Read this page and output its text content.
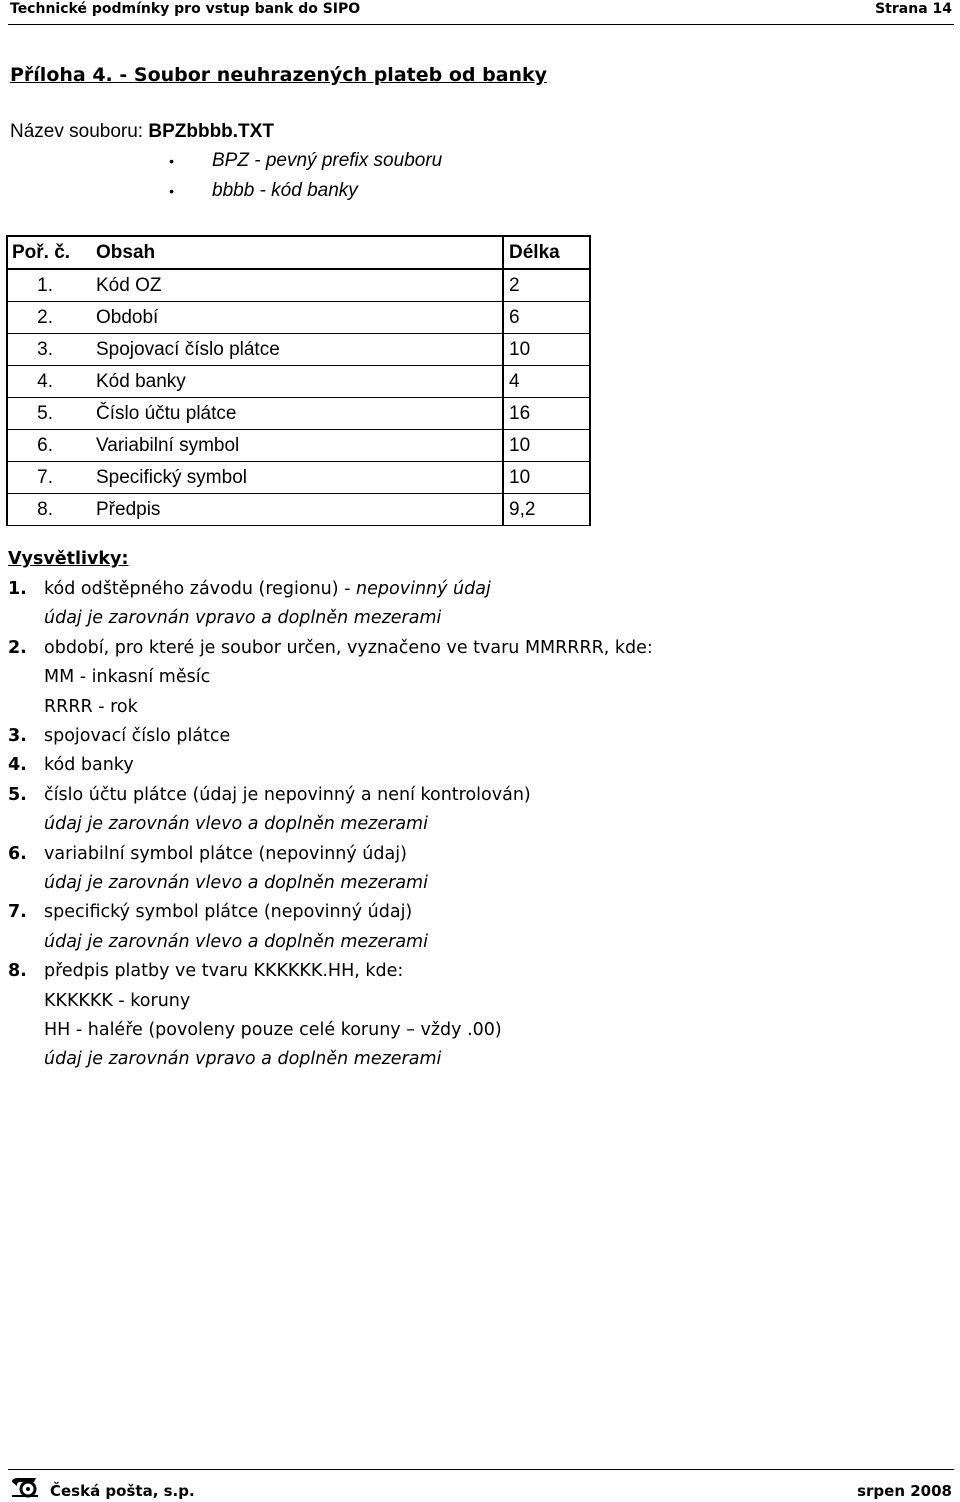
Technické podmínky pro vstup bank do SIPO	Strana 14
Příloha 4. - Soubor neuhrazených plateb od banky
Název souboru: BPZbbbb.TXT
• BPZ - pevný prefix souboru
• bbbb - kód banky
Poř. č.	Obsah	Délka
1.	Kód OZ	2
2.	Období	6
3.	Spojovací číslo plátce	10
4.	Kód banky	4
5.	Číslo účtu plátce	16
6.	Variabilní symbol	10
7.	Specifický symbol	10
8.	Předpis	9,2
Vysvětlivky:
1. kód odštěpného závodu (regionu) - nepovinný údaj
údaj je zarovnán vpravo a doplněn mezerami
2. období, pro které je soubor určen, vyznačeno ve tvaru MMRRRR, kde:
MM - inkasní měsíc
RRRR - rok
3. spojovací číslo plátce
4. kód banky
5. číslo účtu plátce (údaj je nepovinný a není kontrolován)
údaj je zarovnán vlevo a doplněn mezerami
6. variabilní symbol plátce (nepovinný údaj)
údaj je zarovnán vlevo a doplněn mezerami
7. specifický symbol plátce (nepovinný údaj)
údaj je zarovnán vlevo a doplněn mezerami
8. předpis platby ve tvaru KKKKKK.HH, kde:
KKKKKK - koruny
HH - haléře (povoleny pouze celé koruny – vždy .00)
údaj je zarovnán vpravo a doplněn mezerami
Česká pošta, s.p.	srpen 2008
